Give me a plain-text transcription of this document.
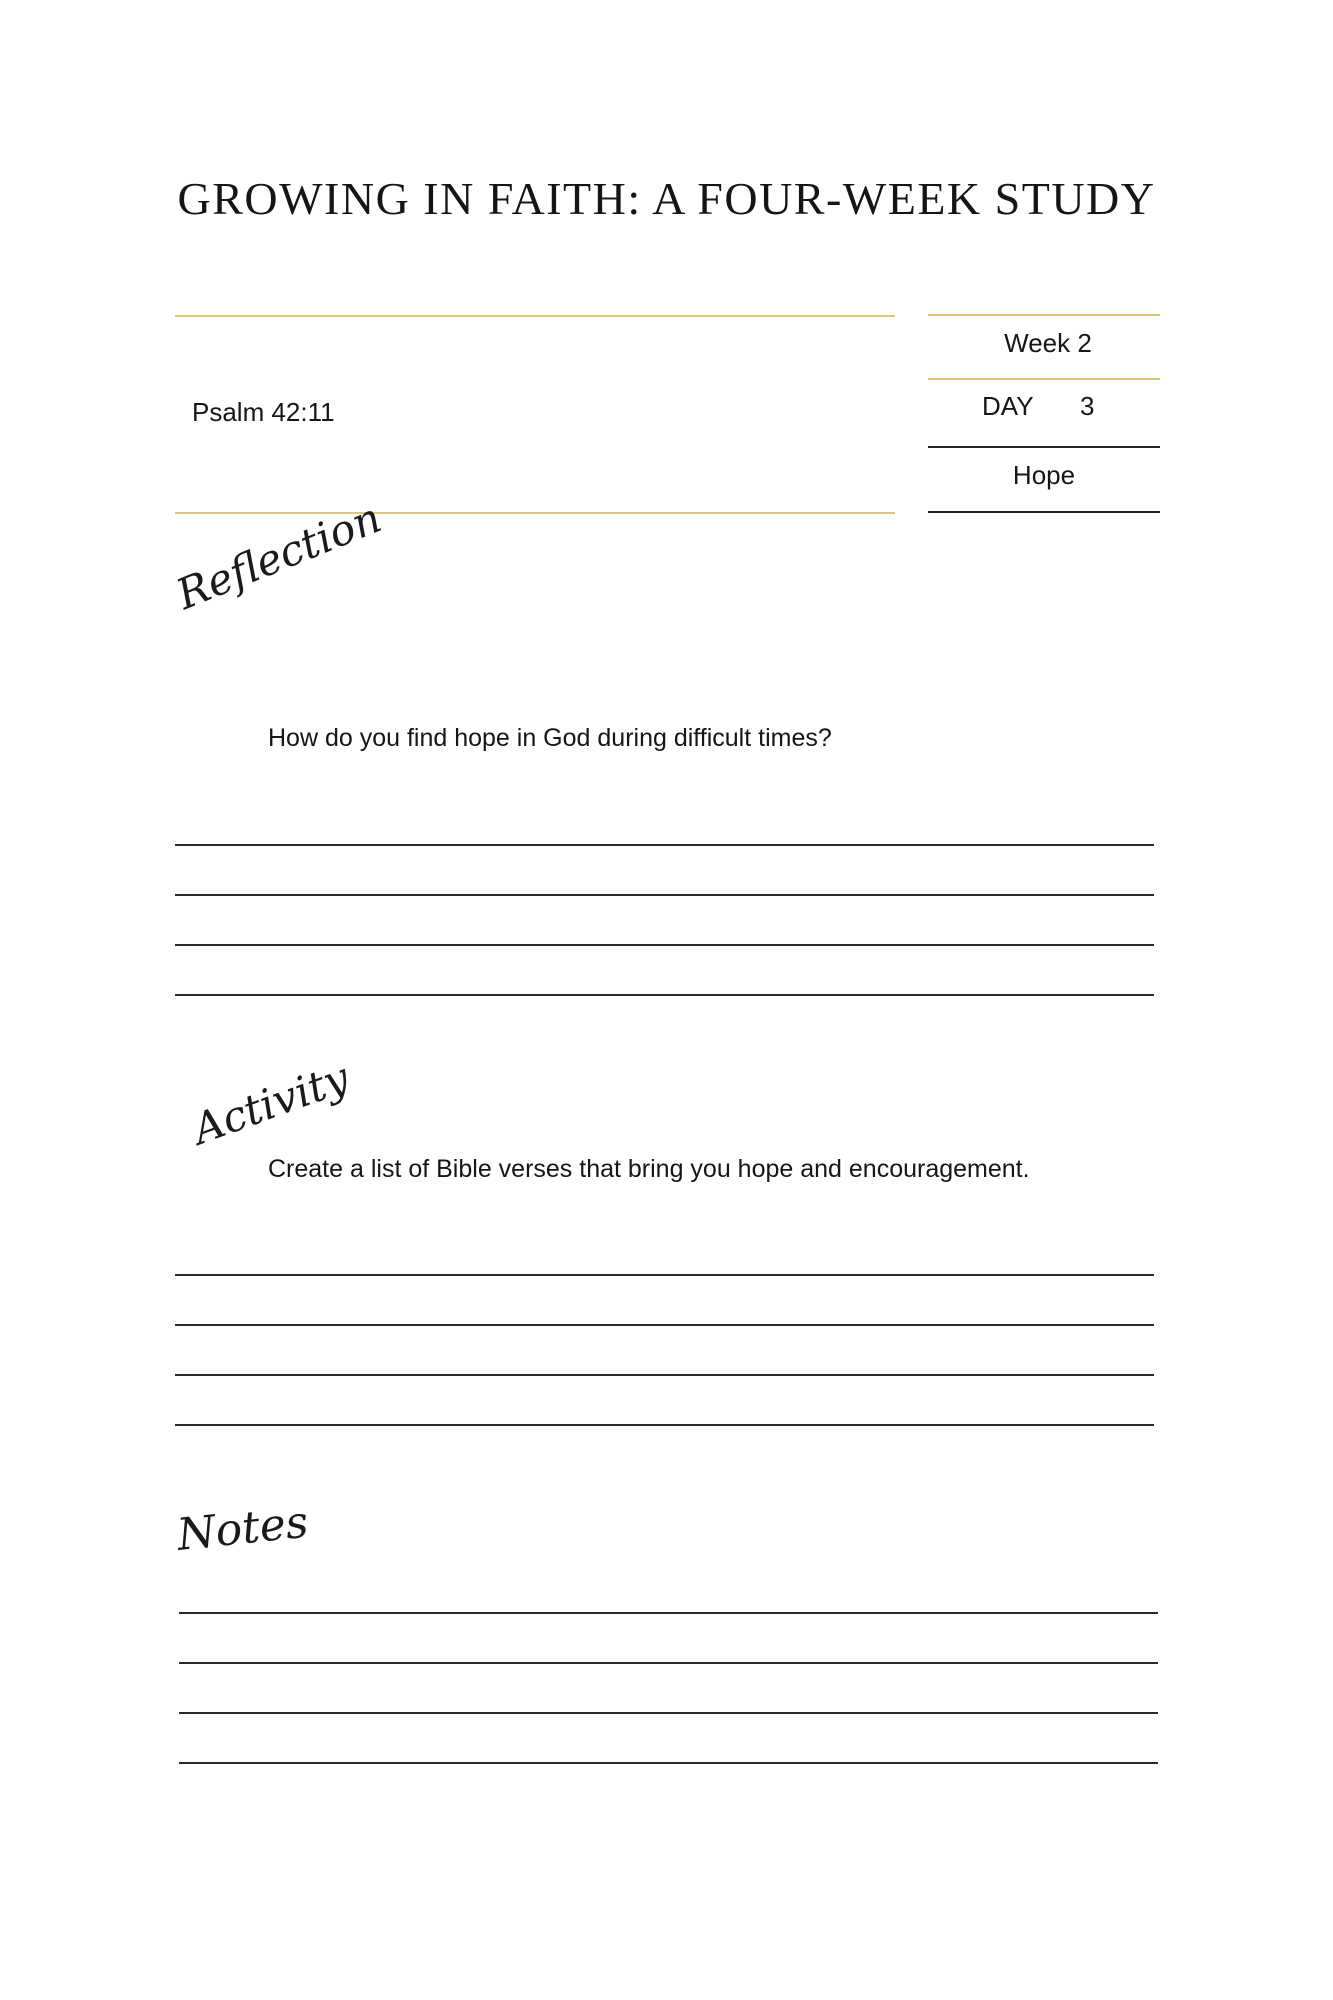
GROWING IN FAITH: A FOUR-WEEK STUDY
Psalm 42:11
Week 2
DAY 3
Hope
Reflection
How do you find hope in God during difficult times?
Activity
Create a list of Bible verses that bring you hope and encouragement.
Notes
